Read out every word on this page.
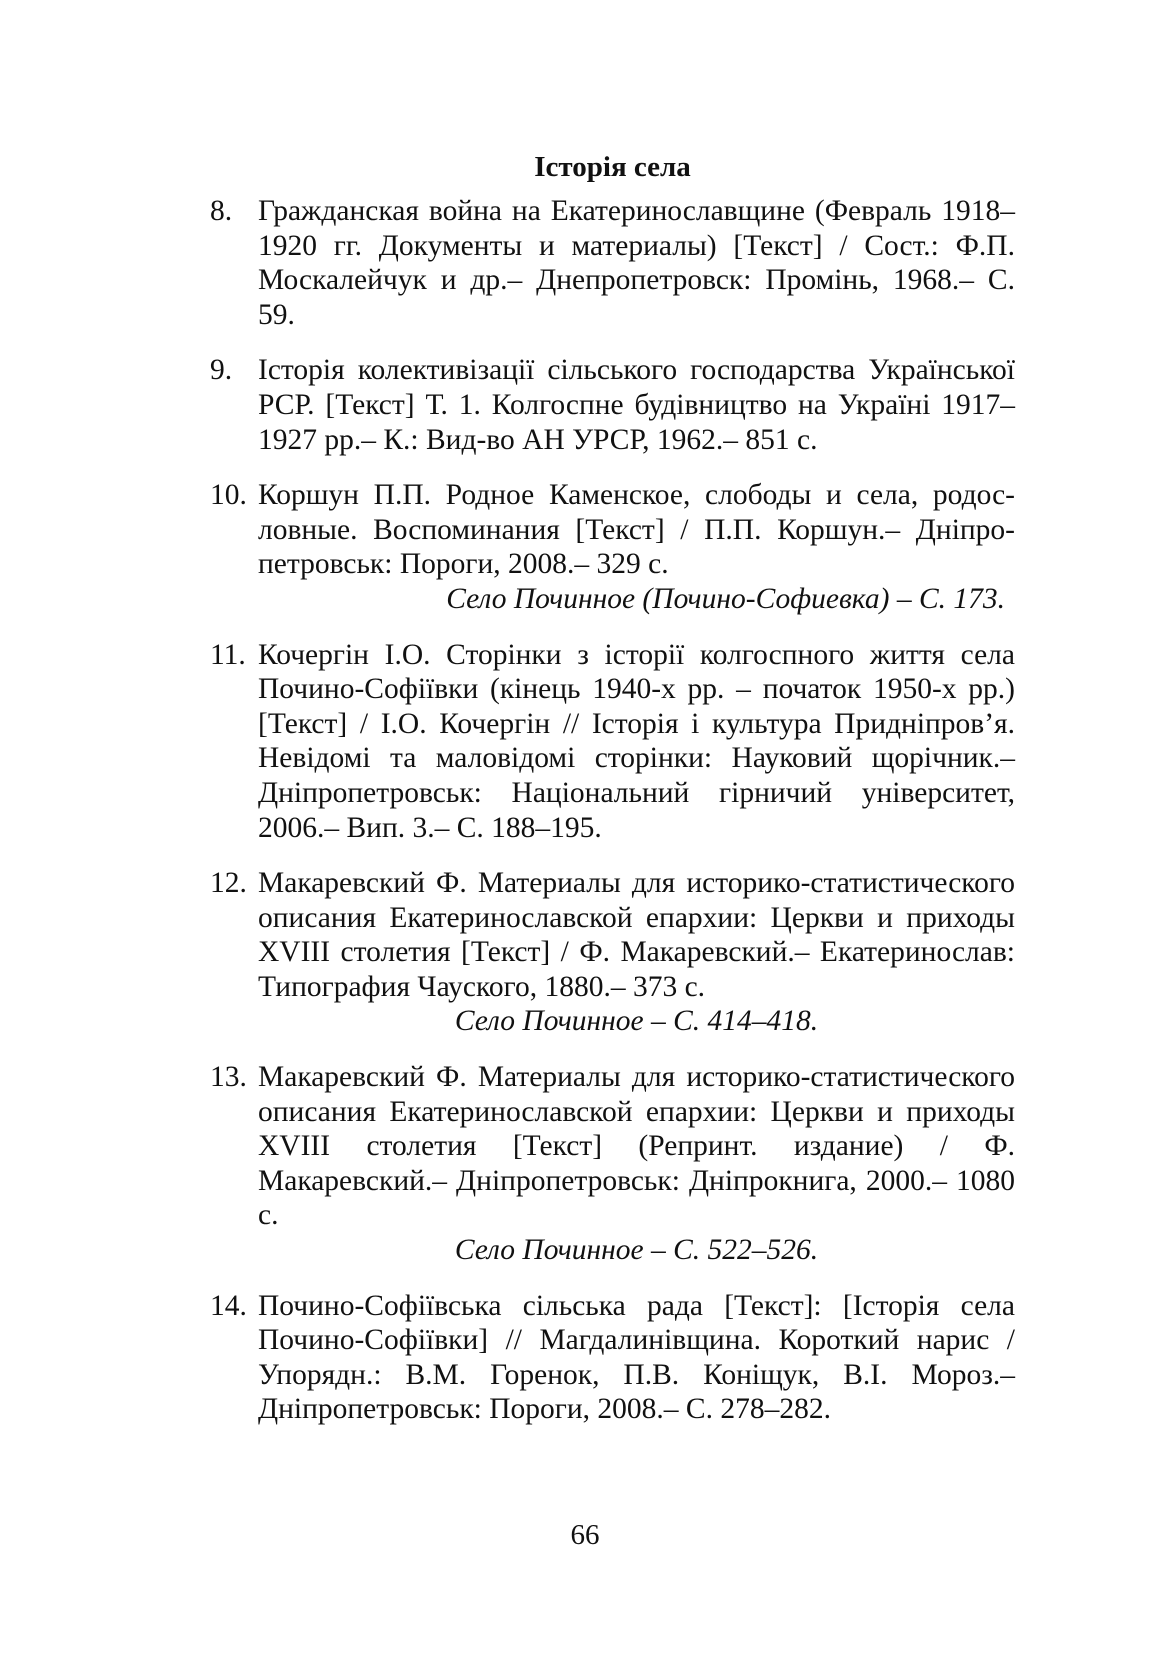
Історія села
8. Гражданская война на Екатеринославщине (Февраль 1918–1920 гг. Документы и материалы) [Текст] / Сост.: Ф.П. Москалейчук и др.– Днепропетровск: Промінь, 1968.– С. 59.
9. Історія колективізації сільського господарства Української РСР. [Текст] Т. 1. Колгоспне будівництво на Україні 1917–1927 рр.– К.: Вид-во АН УРСР, 1962.– 851 с.
10. Коршун П.П. Родное Каменское, слободы и села, родословные. Воспоминания [Текст] / П.П. Коршун.– Дніпропетровськ: Пороги, 2008.– 329 с.
Село Починное (Почино-Софиевка) – С. 173.
11. Кочергін І.О. Сторінки з історії колгоспного життя села Почино-Софіївки (кінець 1940-х рр. – початок 1950-х рр.) [Текст] / І.О. Кочергін // Історія і культура Придніпров’я. Невідомі та маловідомі сторінки: Науковий щорічник.– Дніпропетровськ: Національний гірничий університет, 2006.– Вип. 3.– С. 188–195.
12. Макаревский Ф. Материалы для историко-статистического описания Екатеринославской епархии: Церкви и приходы XVIII столетия [Текст] / Ф. Макаревский.– Екатеринослав: Типография Чауского, 1880.– 373 с.
Село Починное – С. 414–418.
13. Макаревский Ф. Материалы для историко-статистического описания Екатеринославской епархии: Церкви и приходы XVIII столетия [Текст] (Репринт. издание) / Ф. Макаревский.– Дніпропетровськ: Дніпрокнига, 2000.– 1080 с.
Село Починное – С. 522–526.
14. Почино-Софіївська сільська рада [Текст]: [Історія села Почино-Софіївки] // Магдалинівщина. Короткий нарис / Упорядн.: В.М. Горенок, П.В. Коніщук, В.І. Мороз.– Дніпропетровськ: Пороги, 2008.– С. 278–282.
66
